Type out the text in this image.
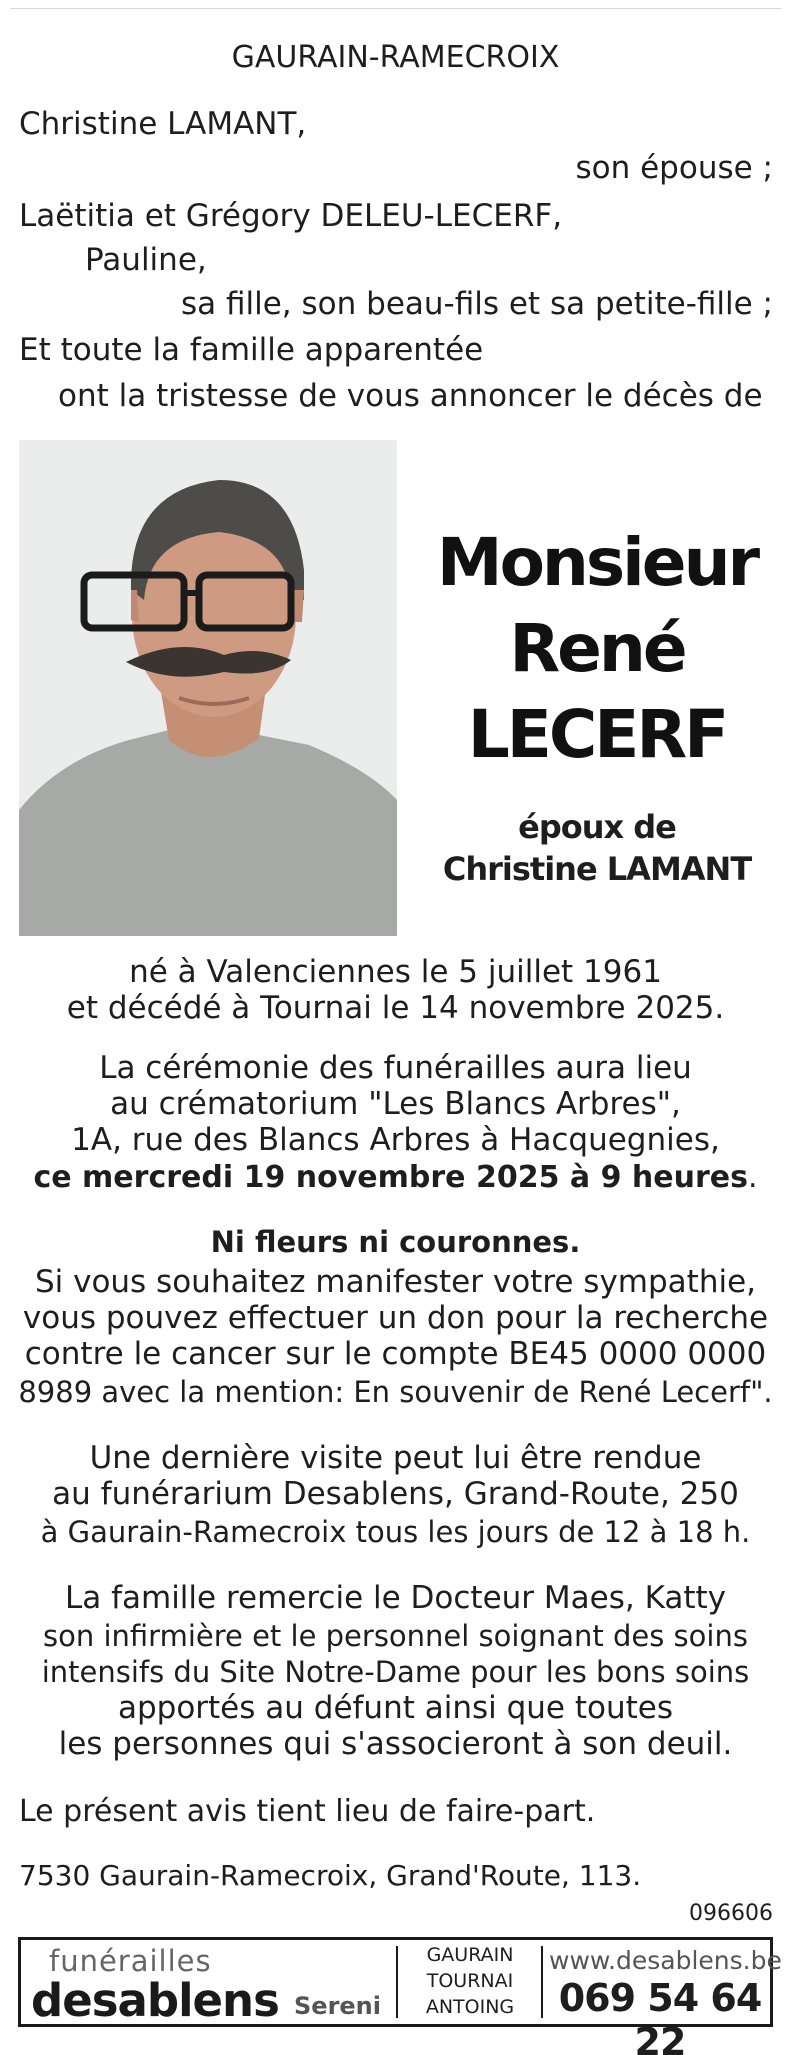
GAURAIN-RAMECROIX
Christine LAMANT,
son épouse ;
Laëtitia et Grégory DELEU-LECERF,
Pauline,
sa fille, son beau-fils et sa petite-fille ;
Et toute la famille apparentée
ont la tristesse de vous annoncer le décès de
Monsieur
René
LECERF
époux de
Christine LAMANT
né à Valenciennes le 5 juillet 1961
et décédé à Tournai le 14 novembre 2025.
La cérémonie des funérailles aura lieu
au crématorium "Les Blancs Arbres",
1A, rue des Blancs Arbres à Hacquegnies,
ce mercredi 19 novembre 2025 à 9 heures.
Ni fleurs ni couronnes.
Si vous souhaitez manifester votre sympathie,
vous pouvez effectuer un don pour la recherche
contre le cancer sur le compte BE45 0000 0000
8989 avec la mention: En souvenir de René Lecerf".
Une dernière visite peut lui être rendue
au funérarium Desablens, Grand-Route, 250
à Gaurain-Ramecroix tous les jours de 12 à 18 h.
La famille remercie le Docteur Maes, Katty
son infirmière et le personnel soignant des soins
intensifs du Site Notre-Dame pour les bons soins
apportés au défunt ainsi que toutes
les personnes qui s'associeront à son deuil.
Le présent avis tient lieu de faire-part.
7530 Gaurain-Ramecroix, Grand'Route, 113.
096606
funérailles
desablens Sereni
GAURAIN
TOURNAI
ANTOING
www.desablens.be
069 54 64 22
